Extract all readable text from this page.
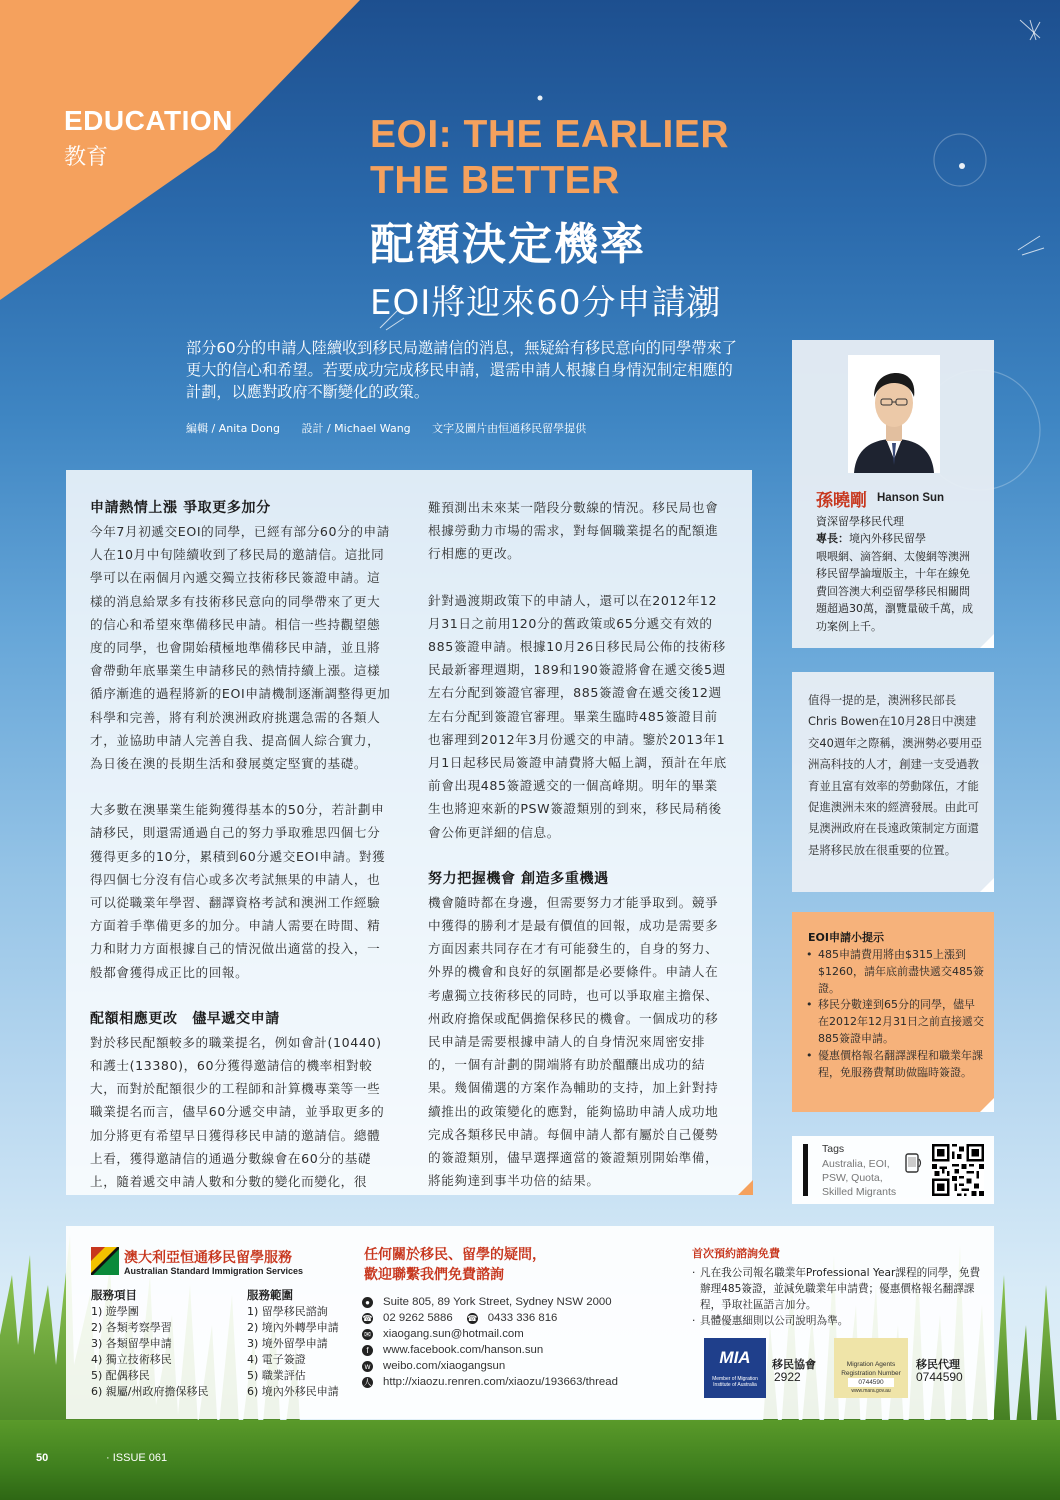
EDUCATION
教育
EOI: THE EARLIER
THE BETTER
配額決定機率
EOI將迎來60分申請潮
部分60分的申請人陸續收到移民局邀請信的消息，無疑給有移民意向的同學帶來了更大的信心和希望。若要成功完成移民申請，還需申請人根據自身情況制定相應的計劃，以應對政府不斷變化的政策。
編輯 / Anita Dong 設計 / Michael Wang 文字及圖片由恒通移民留學提供
申請熱情上漲 爭取更多加分

今年7月初遞交EOI的同學，已經有部分60分的申請人在10月中旬陸續收到了移民局的邀請信。這批同學可以在兩個月內遞交獨立技術移民簽證申請。這樣的消息給眾多有技術移民意向的同學帶來了更大的信心和希望來準備移民申請。相信一些持觀望態度的同學，也會開始積極地準備移民申請，並且將會帶動年底畢業生申請移民的熱情持續上漲。這樣循序漸進的過程將新的EOI申請機制逐漸調整得更加科學和完善，將有利於澳洲政府挑選急需的各類人才，並協助申請人完善自我、提高個人綜合實力，為日後在澳的長期生活和發展奠定堅實的基礎。

大多數在澳畢業生能夠獲得基本的50分，若計劃申請移民，則還需通過自己的努力爭取雅思四個七分獲得更多的10分，累積到60分遞交EOI申請。對獲得四個七分沒有信心或多次考試無果的申請人，也可以從職業年學習、翻譯資格考試和澳洲工作經驗方面着手準備更多的加分。申請人需要在時間、精力和財力方面根據自己的情況做出適當的投入，一般都會獲得成正比的回報。

配額相應更改　儘早遞交申請

對於移民配額較多的職業提名，例如會計(10440)和護士(13380)，60分獲得邀請信的機率相對較大，而對於配額很少的工程師和計算機專業等一些職業提名而言，儘早60分遞交申請，並爭取更多的加分將更有希望早日獲得移民申請的邀請信。總體上看，獲得邀請信的通過分數線會在60分的基礎上，隨着遞交申請人數和分數的變化而變化，很

難預測出未來某一階段分數線的情況。移民局也會根據勞動力市場的需求，對每個職業提名的配額進行相應的更改。

針對過渡期政策下的申請人，還可以在2012年12月31日之前用120分的舊政策或65分遞交有效的885簽證申請。根據10月26日移民局公佈的技術移民最新審理週期，189和190簽證將會在遞交後5週左右分配到簽證官審理，885簽證會在遞交後12週左右分配到簽證官審理。畢業生臨時485簽證目前也審理到2012年3月份遞交的申請。鑒於2013年1月1日起移民局簽證申請費將大幅上調，預計在年底前會出現485簽證遞交的一個高峰期。明年的畢業生也將迎來新的PSW簽證類別的到來，移民局稍後會公佈更詳細的信息。

努力把握機會 創造多重機遇

機會隨時都在身邊，但需要努力才能爭取到。競爭中獲得的勝利才是最有價值的回報，成功是需要多方面因素共同存在才有可能發生的，自身的努力、外界的機會和良好的氛圍都是必要條件。申請人在考慮獨立技術移民的同時，也可以爭取雇主擔保、州政府擔保或配偶擔保移民的機會。一個成功的移民申請是需要根據申請人的自身情況來周密安排的，一個有計劃的開端將有助於醞釀出成功的結果。幾個備選的方案作為輔助的支持，加上針對持續推出的政策變化的應對，能夠協助申請人成功地完成各類移民申請。每個申請人都有屬於自己優勢的簽證類別，儘早選擇適當的簽證類別開始準備，將能夠達到事半功倍的結果。

孫曉剛 Hanson Sun
資深留學移民代理
專長：境內外移民留學
喂喂網、滴答網、太傻網等澳洲移民留學論壇版主，十年在線免費回答澳大利亞留學移民相關問題超過30萬，瀏覽量破千萬，成功案例上千。
值得一提的是，澳洲移民部長Chris Bowen在10月28日中澳建交40週年之際稱，澳洲勢必要用亞洲高科技的人才，創建一支受過教育並且富有效率的勞動隊伍，才能促進澳洲未來的經濟發展。由此可見澳洲政府在長遠政策制定方面還是將移民放在很重要的位置。
EOI申請小提示
• 485申請費用將由$315上漲到$1260，請年底前盡快遞交485簽證。
• 移民分數達到65分的同學，儘早在2012年12月31日之前直接遞交885簽證申請。
• 優惠價格報名翻譯課程和職業年課程，免服務費幫助做臨時簽證。
Tags
Australia, EOI, PSW, Quota, Skilled Migrants
澳大利亞恒通移民留學服務
Australian Standard Immigration Services
服務項目
1) 遊學團
2) 各類考察學習
3) 各類留學申請
4) 獨立技術移民
5) 配偶移民
6) 親屬/州政府擔保移民
服務範圍
1) 留學移民諮詢
2) 境內外轉學申請
3) 境外留學申請
4) 電子簽證
5) 職業評估
6) 境內外移民申請
任何關於移民、留學的疑問，
歡迎聯繫我們免費諮詢
● Suite 805, 89 York Street, Sydney NSW 2000
☎ 02 9262 5886 ☎ 0433 336 816
✉ xiaogang.sun@hotmail.com
f	www.facebook.com/hanson.sun
w weibo.com/xiaogangsun
人 http://xiaozu.renren.com/xiaozu/193663/thread
首次預約諮詢免費
· 凡在我公司報名職業年Professional Year課程的同學，免費辦理485簽證，並減免職業年申請費；優惠價格報名翻譯課程，爭取社區語言加分。
· 具體優惠細則以公司說明為準。
MIA
Member of Migration Institute of Australia
移民協會
2922
Migration Agents
Registration Number
0744590
www.mara.gov.au
移民代理
0744590
50	· ISSUE 061
